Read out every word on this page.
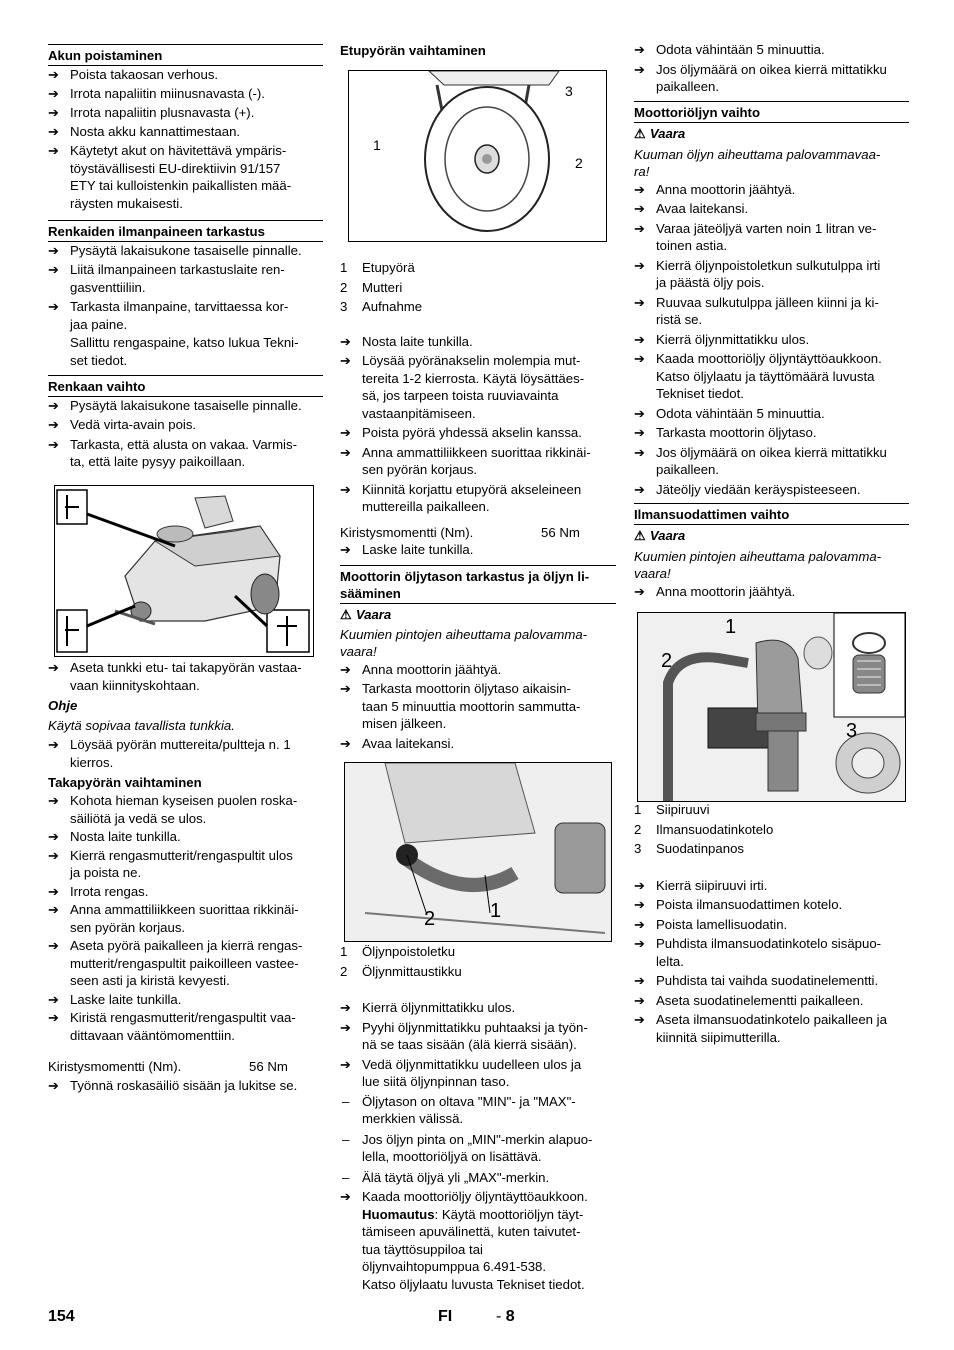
Akun poistaminen
➔ Poista takaosan verhous.
➔ Irrota napaliitin miinusnavasta (-).
➔ Irrota napaliitin plusnavasta (+).
➔ Nosta akku kannattimestaan.
➔ Käytetyt akut on hävitettävä ympäris-
töystävällisesti EU-direktiivin 91/157
ETY tai kulloistenkin paikallisten mää-
räysten mukaisesti.
Renkaiden ilmanpaineen tarkastus
➔ Pysäytä lakaisukone tasaiselle pinnalle.
➔ Liitä ilmanpaineen tarkastuslaite ren-
gasventtiiliin.
➔ Tarkasta ilmanpaine, tarvittaessa kor-
jaa paine.
Sallittu rengaspaine, katso lukua Tekni-
set tiedot.
Renkaan vaihto
➔ Pysäytä lakaisukone tasaiselle pinnalle.
➔ Vedä virta-avain pois.
➔ Tarkasta, että alusta on vakaa. Varmis-
ta, että laite pysyy paikoillaan.
➔ Aseta tunkki etu- tai takapyörän vastaa-
vaan kiinnityskohtaan.
Ohje
Käytä sopivaa tavallista tunkkia.
➔ Löysää pyörän muttereita/pultteja n. 1
kierros.
Takapyörän vaihtaminen
➔ Kohota hieman kyseisen puolen roska-
säiliötä ja vedä se ulos.
➔ Nosta laite tunkilla.
➔ Kierrä rengasmutterit/rengaspultit ulos
ja poista ne.
➔ Irrota rengas.
➔ Anna ammattiliikkeen suorittaa rikkinäi-
sen pyörän korjaus.
➔ Aseta pyörä paikalleen ja kierrä rengas-
mutterit/rengaspultit paikoilleen vastee-
seen asti ja kiristä kevyesti.
➔ Laske laite tunkilla.
➔ Kiristä rengasmutterit/rengaspultit vaa-
dittavaan vääntömomenttiin.
Kiristysmomentti (Nm).	56 Nm
➔ Työnnä roskasäiliö sisään ja lukitse se.
Etupyörän vaihtaminen
1
2
3
1 Etupyörä
2 Mutteri
3 Aufnahme
➔ Nosta laite tunkilla.
➔ Löysää pyöränakselin molempia mut-
tereita 1-2 kierrosta. Käytä löysättäes-
sä, jos tarpeen toista ruuviavainta
vastaanpitämiseen.
➔ Poista pyörä yhdessä akselin kanssa.
➔ Anna ammattiliikkeen suorittaa rikkinäi-
sen pyörän korjaus.
➔ Kiinnitä korjattu etupyörä akseleineen
muttereilla paikalleen.
Kiristysmomentti (Nm).	56 Nm
➔ Laske laite tunkilla.
Moottorin öljytason tarkastus ja öljyn li-
sääminen
⚠ Vaara
Kuumien pintojen aiheuttama palovamma-
vaara!
➔ Anna moottorin jäähtyä.
➔ Tarkasta moottorin öljytaso aikaisin-
taan 5 minuuttia moottorin sammutta-
misen jälkeen.
➔ Avaa laitekansi.
2	1
1 Öljynpoistoletku
2 Öljynmittaustikku
➔ Kierrä öljynmittatikku ulos.
➔ Pyyhi öljynmittatikku puhtaaksi ja työn-
nä se taas sisään (älä kierrä sisään).
➔ Vedä öljynmittatikku uudelleen ulos ja
lue siitä öljynpinnan taso.
– Öljytason on oltava "MIN"- ja "MAX"-
merkkien välissä.
– Jos öljyn pinta on „MIN"-merkin alapuo-
lella, moottoriöljyä on lisättävä.
– Älä täytä öljyä yli „MAX"-merkin.
➔ Kaada moottoriöljy öljyntäyttöaukkoon.
Huomautus: Käytä moottoriöljyn täyt-
tämiseen apuvälinettä, kuten taivutet-
tua täyttösuppiloa tai
öljynvaihtopumppua 6.491-538.
Katso öljylaatu luvusta Tekniset tiedot.
➔ Odota vähintään 5 minuuttia.
➔ Jos öljymäärä on oikea kierrä mittatikku
paikalleen.
Moottoriöljyn vaihto
⚠ Vaara
Kuuman öljyn aiheuttama palovammavaa-
ra!
➔ Anna moottorin jäähtyä.
➔ Avaa laitekansi.
➔ Varaa jäteöljyä varten noin 1 litran ve-
toinen astia.
➔ Kierrä öljynpoistoletkun sulkutulppa irti
ja päästä öljy pois.
➔ Ruuvaa sulkutulppa jälleen kiinni ja ki-
ristä se.
➔ Kierrä öljynmittatikku ulos.
➔ Kaada moottoriöljy öljyntäyttöaukkoon.
Katso öljylaatu ja täyttömäärä luvusta
Tekniset tiedot.
➔ Odota vähintään 5 minuuttia.
➔ Tarkasta moottorin öljytaso.
➔ Jos öljymäärä on oikea kierrä mittatikku
paikalleen.
➔ Jäteöljy viedään keräyspisteeseen.
Ilmansuodattimen vaihto
⚠ Vaara
Kuumien pintojen aiheuttama palovamma-
vaara!
➔ Anna moottorin jäähtyä.
1
2
3
1 Siipiruuvi
2 Ilmansuodatinkotelo
3 Suodatinpanos
➔ Kierrä siipiruuvi irti.
➔ Poista ilmansuodattimen kotelo.
➔ Poista lamellisuodatin.
➔ Puhdista ilmansuodatinkotelo sisäpuo-
lelta.
➔ Puhdista tai vaihda suodatinelementti.
➔ Aseta suodatinelementti paikalleen.
➔ Aseta ilmansuodatinkotelo paikalleen ja
kiinnitä siipimutterilla.
154	FI	- 8
